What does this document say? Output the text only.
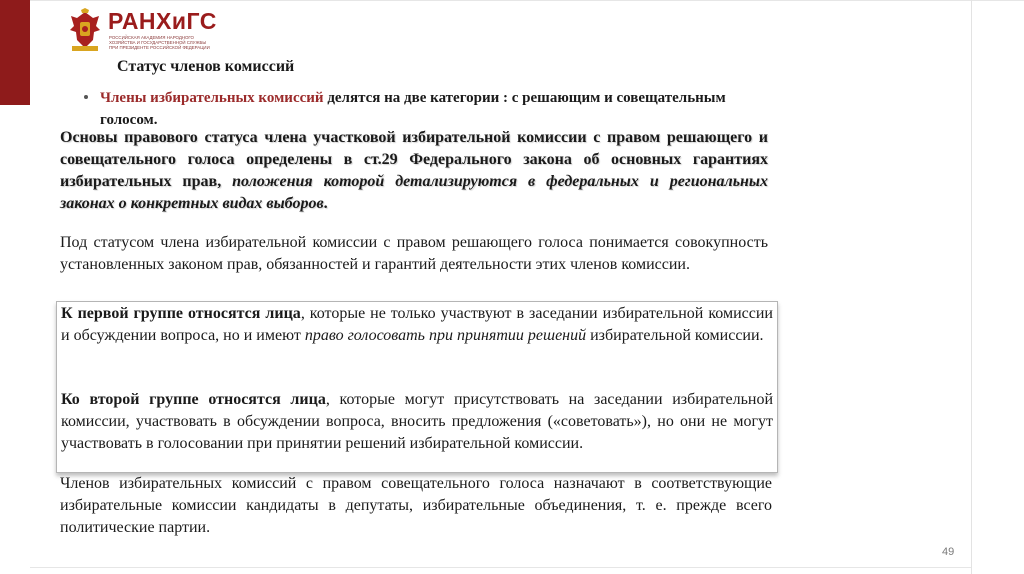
РАНХиГС
РОССИЙСКАЯ АКАДЕМИЯ НАРОДНОГО ХОЗЯЙСТВА И ГОСУДАРСТВЕННОЙ СЛУЖБЫ ПРИ ПРЕЗИДЕНТЕ РОССИЙСКОЙ ФЕДЕРАЦИИ
Статус членов комиссий
Члены избирательных комиссий делятся на две категории : с решающим и совещательным голосом.
Основы правового статуса члена участковой избирательной комиссии с правом решающего и совещательного голоса определены в ст.29 Федерального закона об основных гарантиях избирательных прав, положения которой детализируются в федеральных и региональных законах о конкретных видах выборов.
Под статусом члена избирательной комиссии с правом решающего голоса понимается совокупность установленных законом прав, обязанностей и гарантий деятельности этих членов комиссии.
К первой группе относятся лица, которые не только участвуют в заседании избирательной комиссии и обсуждении вопроса, но и имеют право голосовать при принятии решений избирательной комиссии.
Ко второй группе относятся лица, которые могут присутствовать на заседании избирательной комиссии, участвовать в обсуждении вопроса, вносить предложения («советовать»), но они не могут участвовать в голосовании при принятии решений избирательной комиссии.
Членов избирательных комиссий с правом совещательного голоса назначают в соответствующие избирательные комиссии кандидаты в депутаты, избирательные объединения, т. е. прежде всего политические партии.
49
